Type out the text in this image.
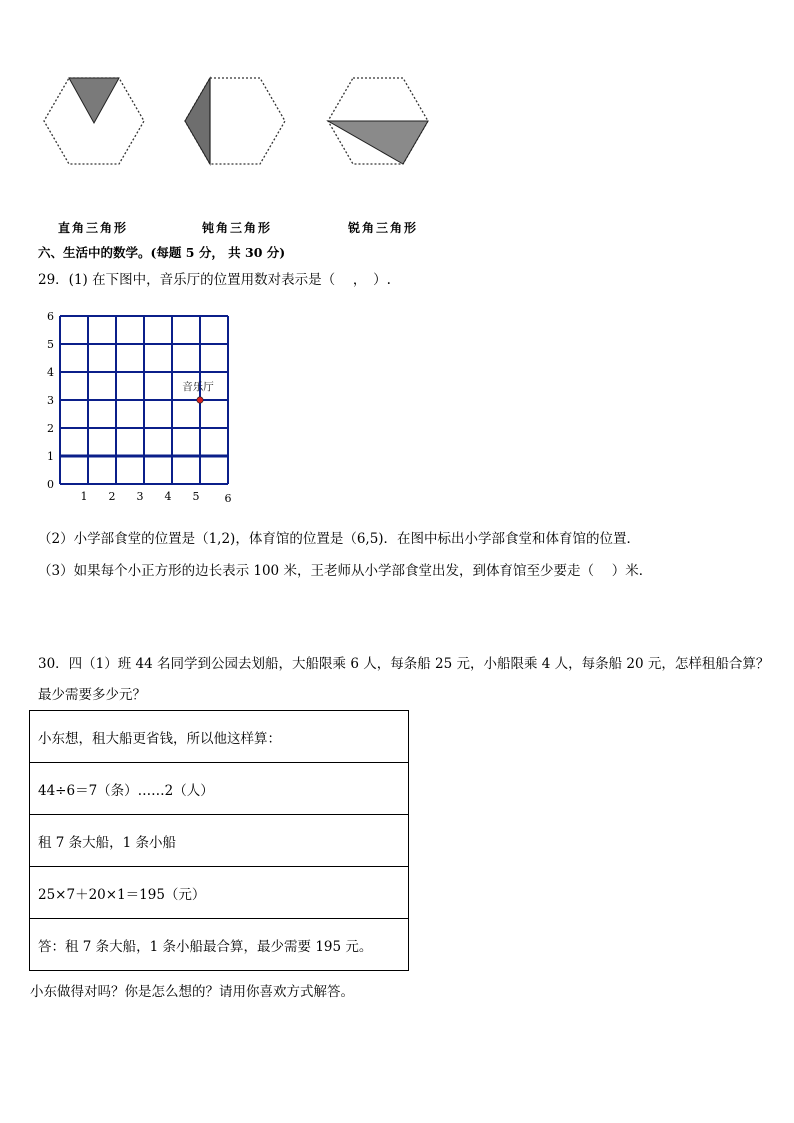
直角三角形	钝角三角形	锐角三角形
六、生活中的数学。(每题 5 分， 共 30 分)
29．(1) 在下图中，音乐厅的位置用数对表示是（　 ，　）.
1 2 3 4 5 6
0
1
2
3
4
5
6
音乐厅
（2）小学部食堂的位置是（1,2)，体育馆的位置是（6,5)．在图中标出小学部食堂和体育馆的位置．
（3）如果每个小正方形的边长表示 100 米，王老师从小学部食堂出发，到体育馆至少要走（　 ）米．
30．四（1）班 44 名同学到公园去划船，大船限乘 6 人，每条船 25 元，小船限乘 4 人，每条船 20 元，怎样租船合算？
最少需要多少元？
小东想，租大船更省钱，所以他这样算：
44÷6＝7（条）……2（人）
租 7 条大船，1 条小船
25×7＋20×1＝195（元）
答：租 7 条大船，1 条小船最合算，最少需要 195 元。
小东做得对吗？你是怎么想的？请用你喜欢方式解答。
